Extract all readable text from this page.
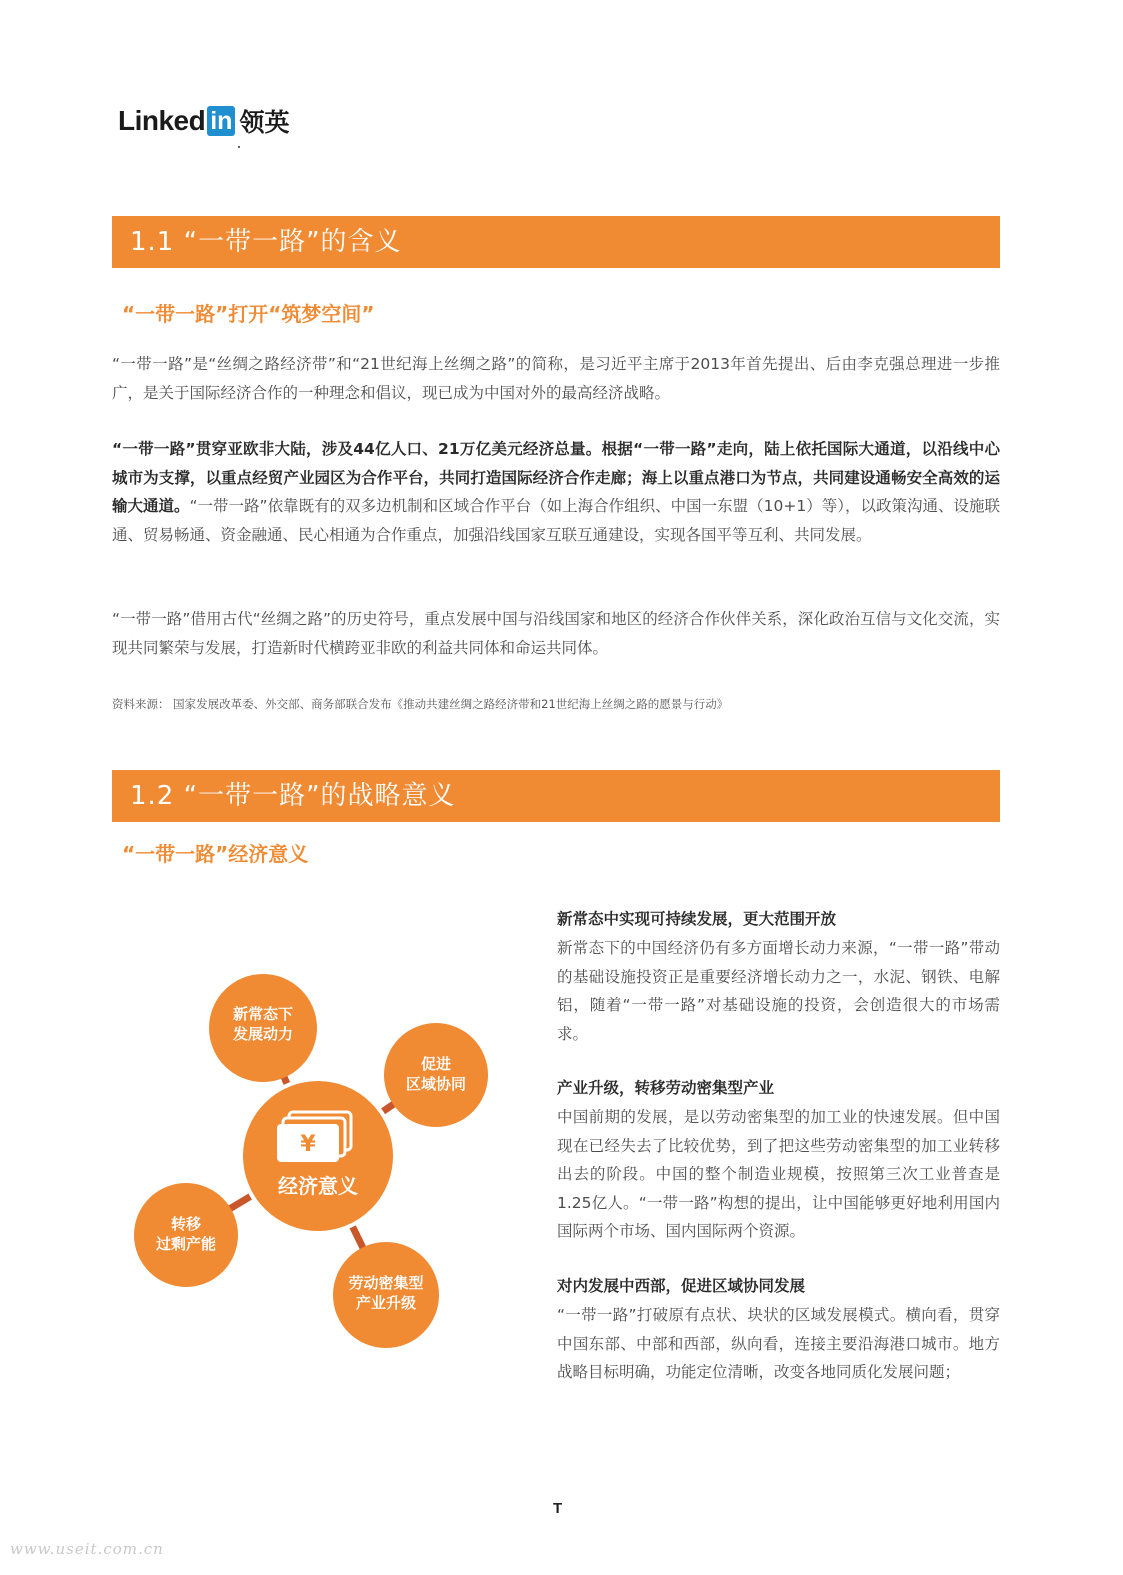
Linked in 领英
1.1 “一带一路”的含义
“一带一路”打开“筑梦空间”

“一带一路”是“丝绸之路经济带”和“21世纪海上丝绸之路”的简称，是习近平主席于2013年首先提出、后由李克强总理进一步推广，是关于国际经济合作的一种理念和倡议，现已成为中国对外的最高经济战略。

“一带一路”贯穿亚欧非大陆，涉及44亿人口、21万亿美元经济总量。根据“一带一路”走向，陆上依托国际大通道，以沿线中心城市为支撑，以重点经贸产业园区为合作平台，共同打造国际经济合作走廊；海上以重点港口为节点，共同建设通畅安全高效的运输大通道。“一带一路”依靠既有的双多边机制和区域合作平台（如上海合作组织、中国一东盟（10+1）等），以政策沟通、设施联通、贸易畅通、资金融通、民心相通为合作重点，加强沿线国家互联互通建设，实现各国平等互利、共同发展。

“一带一路”借用古代“丝绸之路”的历史符号，重点发展中国与沿线国家和地区的经济合作伙伴关系，深化政治互信与文化交流，实现共同繁荣与发展，打造新时代横跨亚非欧的利益共同体和命运共同体。

资料来源： 国家发展改革委、外交部、商务部联合发布《推动共建丝绸之路经济带和21世纪海上丝绸之路的愿景与行动》
1.2 “一带一路”的战略意义
“一带一路”经济意义
¥
经济意义
新常态下
发展动力
促进
区域协同
转移
过剩产能
劳动密集型
产业升级
新常态中实现可持续发展，更大范围开放
新常态下的中国经济仍有多方面增长动力来源，“一带一路”带动的基础设施投资正是重要经济增长动力之一，水泥、钢铁、电解铝，随着“一带一路”对基础设施的投资，会创造很大的市场需求。
产业升级，转移劳动密集型产业
中国前期的发展，是以劳动密集型的加工业的快速发展。但中国现在已经失去了比较优势，到了把这些劳动密集型的加工业转移出去的阶段。中国的整个制造业规模，按照第三次工业普查是1.25亿人。“一带一路”构想的提出，让中国能够更好地利用国内国际两个市场、国内国际两个资源。
对内发展中西部，促进区域协同发展
“一带一路”打破原有点状、块状的区域发展模式。横向看，贯穿中国东部、中部和西部，纵向看，连接主要沿海港口城市。地方战略目标明确，功能定位清晰，改变各地同质化发展问题；
T
www.useit.com.cn
